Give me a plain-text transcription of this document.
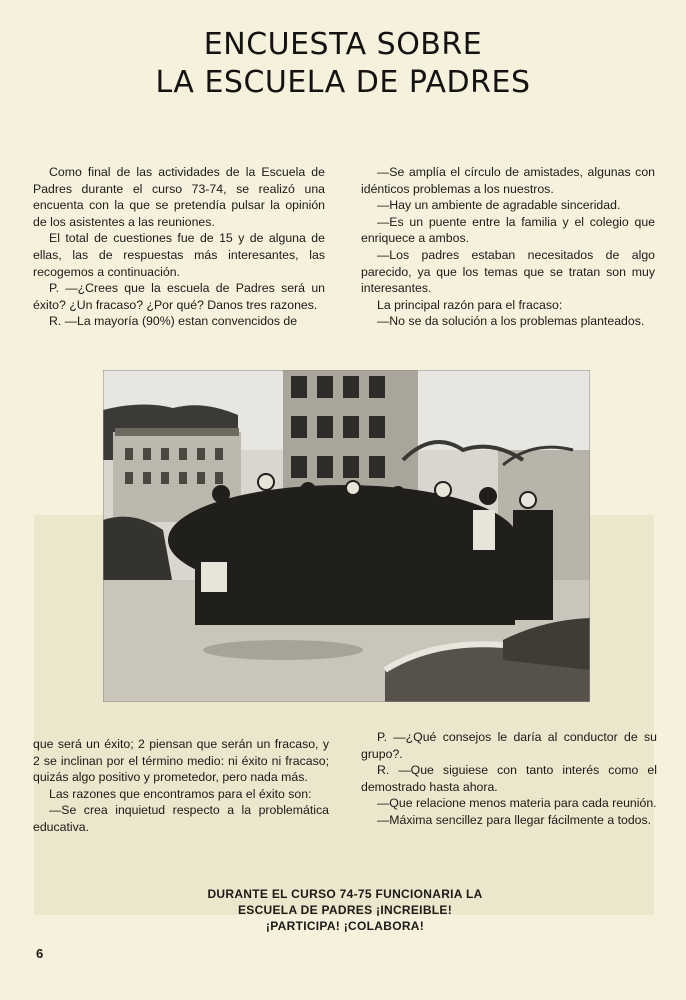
ENCUESTA SOBRE
LA ESCUELA DE PADRES

Como final de las actividades de la Escuela de Padres durante el curso 73-74, se realizó una encuenta con la que se pretendía pulsar la opinión de los asistentes a las reuniones.

El total de cuestiones fue de 15 y de alguna de ellas, las de respuestas más interesantes, las recogemos a continuación.

P. —¿Crees que la escuela de Padres será un éxito? ¿Un fracaso? ¿Por qué? Danos tres razones.

R. —La mayoría (90%) estan convencidos de

—Se amplía el círculo de amistades, algunas con idénticos problemas a los nuestros.

—Hay un ambiente de agradable sinceridad.

—Es un puente entre la familia y el colegio que enriquece a ambos.

—Los padres estaban necesitados de algo parecido, ya que los temas que se tratan son muy interesantes.

La principal razón para el fracaso:

—No se da solución a los problemas planteados.

que será un éxito; 2 piensan que serán un fracaso, y 2 se inclinan por el término medio: ni éxito ni fracaso; quizás algo positivo y prometedor, pero nada más.

Las razones que encontramos para el éxito son:

—Se crea inquietud respecto a la problemática educativa.

P. —¿Qué consejos le daría al conductor de su grupo?.

R. —Que siguiese con tanto interés como el demostrado hasta ahora.

—Que relacione menos materia para cada reunión.

—Máxima sencillez para llegar fácilmente a todos.

DURANTE EL CURSO 74-75 FUNCIONARIA LA
ESCUELA DE PADRES ¡INCREIBLE!
¡PARTICIPA! ¡COLABORA!
6
